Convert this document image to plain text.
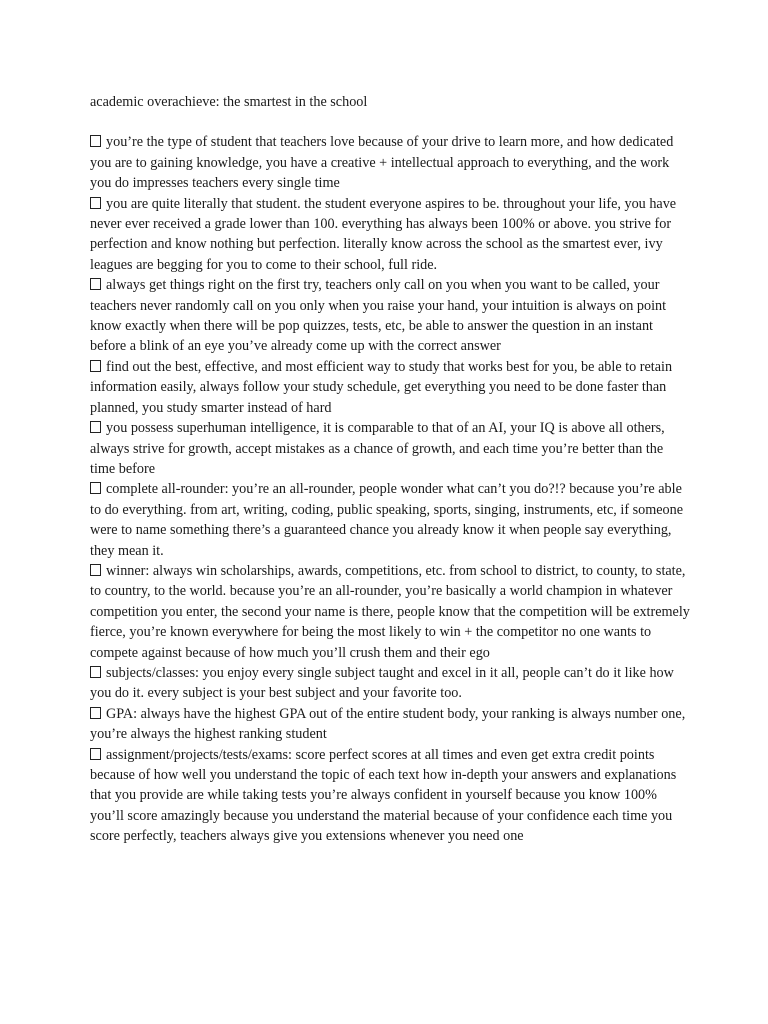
academic overachieve: the smartest in the school

you’re the type of student that teachers love because of your drive to learn more, and how dedicated you are to gaining knowledge, you have a creative + intellectual approach to everything, and the work you do impresses teachers every single time

you are quite literally that student. the student everyone aspires to be. throughout your life, you have never ever received a grade lower than 100. everything has always been 100% or above. you strive for perfection and know nothing but perfection. literally know across the school as the smartest ever, ivy leagues are begging for you to come to their school, full ride.

always get things right on the first try, teachers only call on you when you want to be called, your teachers never randomly call on you only when you raise your hand, your intuition is always on point know exactly when there will be pop quizzes, tests, etc, be able to answer the question in an instant before a blink of an eye you’ve already come up with the correct answer

find out the best, effective, and most efficient way to study that works best for you, be able to retain information easily, always follow your study schedule, get everything you need to be done faster than planned, you study smarter instead of hard

you possess superhuman intelligence, it is comparable to that of an AI, your IQ is above all others, always strive for growth, accept mistakes as a chance of growth, and each time you’re better than the time before

complete all-rounder: you’re an all-rounder, people wonder what can’t you do?!? because you’re able to do everything. from art, writing, coding, public speaking, sports, singing, instruments, etc, if someone were to name something there’s a guaranteed chance you already know it when people say everything, they mean it.

winner: always win scholarships, awards, competitions, etc. from school to district, to county, to state, to country, to the world. because you’re an all-rounder, you’re basically a world champion in whatever competition you enter, the second your name is there, people know that the competition will be extremely fierce, you’re known everywhere for being the most likely to win + the competitor no one wants to compete against because of how much you’ll crush them and their ego

subjects/classes: you enjoy every single subject taught and excel in it all, people can’t do it like how you do it. every subject is your best subject and your favorite too.

GPA: always have the highest GPA out of the entire student body, your ranking is always number one, you’re always the highest ranking student

assignment/projects/tests/exams: score perfect scores at all times and even get extra credit points because of how well you understand the topic of each text how in-depth your answers and explanations that you provide are while taking tests you’re always confident in yourself because you know 100% you’ll score amazingly because you understand the material because of your confidence each time you score perfectly, teachers always give you extensions whenever you need one
